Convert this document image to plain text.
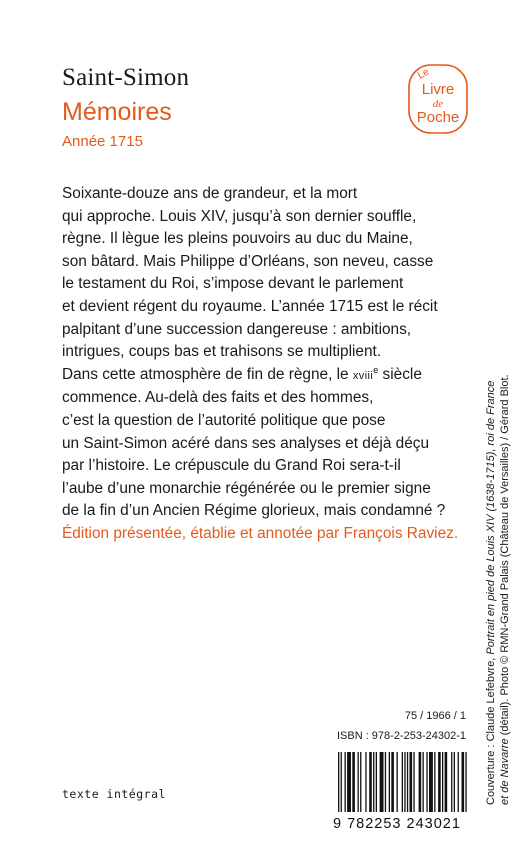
Saint-Simon
Mémoires
Année 1715
Le
Livre
de
Poche
Soixante-douze ans de grandeur, et la mort
qui approche. Louis XIV, jusqu’à son dernier souffle,
règne. Il lègue les pleins pouvoirs au duc du Maine,
son bâtard. Mais Philippe d’Orléans, son neveu, casse
le testament du Roi, s’impose devant le parlement
et devient régent du royaume. L’année 1715 est le récit
palpitant d’une succession dangereuse : ambitions,
intrigues, coups bas et trahisons se multiplient.
Dans cette atmosphère de fin de règne, le xviii$^e$ siècle
commence. Au-delà des faits et des hommes,
c’est la question de l’autorité politique que pose
un Saint-Simon acéré dans ses analyses et déjà déçu
par l’histoire. Le crépuscule du Grand Roi sera-t-il
l’aube d’une monarchie régénérée ou le premier signe
de la fin d’un Ancien Régime glorieux, mais condamné ?
Édition présentée, établie et annotée par François Raviez.
Couverture : Claude Lefebvre, Portrait en pied de Louis XIV (1638-1715), roi de France
et de Navarre (détail). Photo © RMN-Grand Palais (Château de Versailles) / Gérard Blot.
75 / 1966 / 1
ISBN : 978-2-253-24302-1
texte intégral
9 782253 243021
